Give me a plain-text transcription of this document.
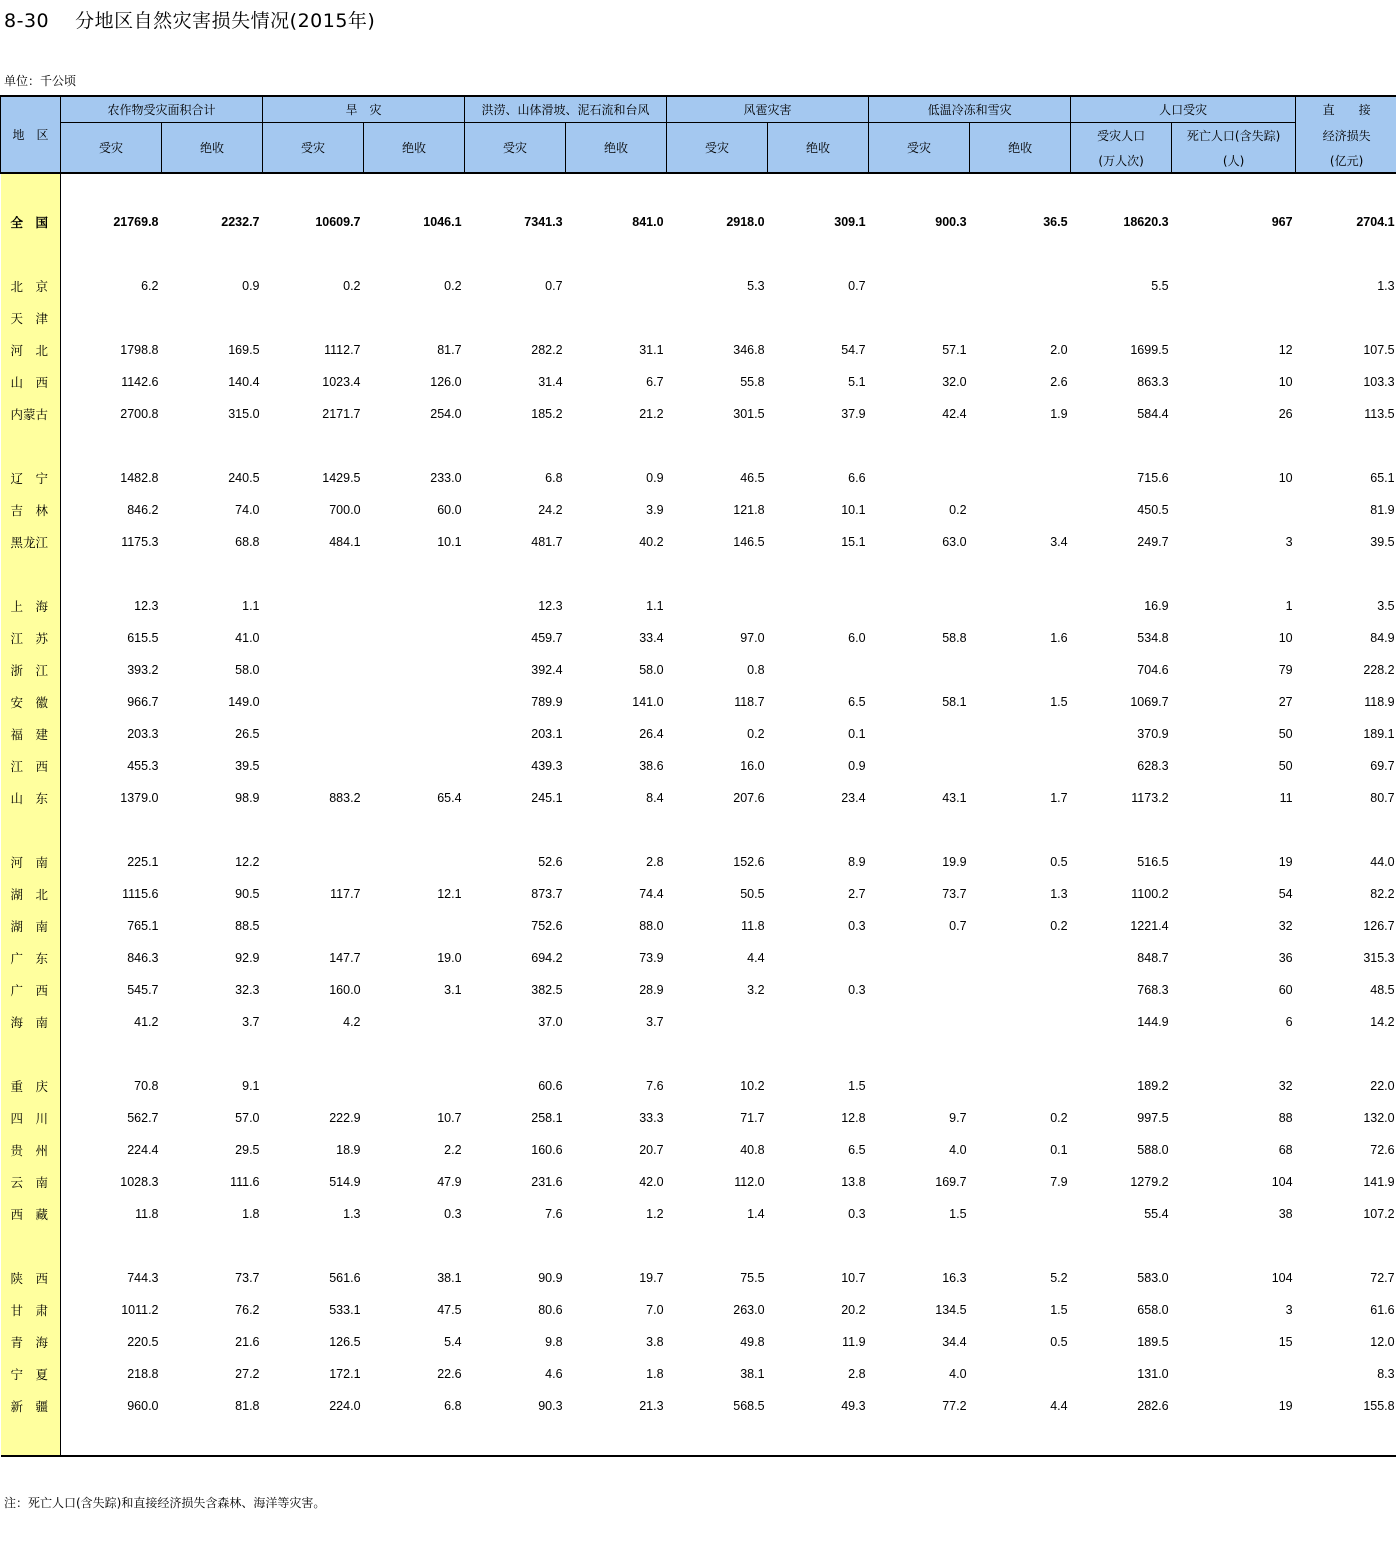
8-30　 分地区自然灾害损失情况(2015年)
单位：千公顷
地　区	农作物受灾面积合计		旱　灾		洪涝、山体滑坡、泥石流和台风		风雹灾害		低温冷冻和雪灾		人口受灾		直　　接
	受灾	绝收	受灾	绝收	受灾	绝收	受灾	绝收	受灾	绝收	受灾人口	死亡人口(含失踪)	经济损失
											(万人次)	(人)	(亿元)

全　国	21769.8	2232.7	10609.7	1046.1	7341.3	841.0	2918.0	309.1	900.3	36.5	18620.3	967	2704.1

北　京	6.2	0.9	0.2	0.2	0.7		5.3	0.7			5.5		1.3
天　津													
河　北	1798.8	169.5	1112.7	81.7	282.2	31.1	346.8	54.7	57.1	2.0	1699.5	12	107.5
山　西	1142.6	140.4	1023.4	126.0	31.4	6.7	55.8	5.1	32.0	2.6	863.3	10	103.3
内蒙古	2700.8	315.0	2171.7	254.0	185.2	21.2	301.5	37.9	42.4	1.9	584.4	26	113.5

辽　宁	1482.8	240.5	1429.5	233.0	6.8	0.9	46.5	6.6			715.6	10	65.1
吉　林	846.2	74.0	700.0	60.0	24.2	3.9	121.8	10.1	0.2		450.5		81.9
黑龙江	1175.3	68.8	484.1	10.1	481.7	40.2	146.5	15.1	63.0	3.4	249.7	3	39.5

上　海	12.3	1.1			12.3	1.1					16.9	1	3.5
江　苏	615.5	41.0			459.7	33.4	97.0	6.0	58.8	1.6	534.8	10	84.9
浙　江	393.2	58.0			392.4	58.0	0.8				704.6	79	228.2
安　徽	966.7	149.0			789.9	141.0	118.7	6.5	58.1	1.5	1069.7	27	118.9
福　建	203.3	26.5			203.1	26.4	0.2	0.1			370.9	50	189.1
江　西	455.3	39.5			439.3	38.6	16.0	0.9			628.3	50	69.7
山　东	1379.0	98.9	883.2	65.4	245.1	8.4	207.6	23.4	43.1	1.7	1173.2	11	80.7

河　南	225.1	12.2			52.6	2.8	152.6	8.9	19.9	0.5	516.5	19	44.0
湖　北	1115.6	90.5	117.7	12.1	873.7	74.4	50.5	2.7	73.7	1.3	1100.2	54	82.2
湖　南	765.1	88.5			752.6	88.0	11.8	0.3	0.7	0.2	1221.4	32	126.7
广　东	846.3	92.9	147.7	19.0	694.2	73.9	4.4				848.7	36	315.3
广　西	545.7	32.3	160.0	3.1	382.5	28.9	3.2	0.3			768.3	60	48.5
海　南	41.2	3.7	4.2		37.0	3.7					144.9	6	14.2

重　庆	70.8	9.1			60.6	7.6	10.2	1.5			189.2	32	22.0
四　川	562.7	57.0	222.9	10.7	258.1	33.3	71.7	12.8	9.7	0.2	997.5	88	132.0
贵　州	224.4	29.5	18.9	2.2	160.6	20.7	40.8	6.5	4.0	0.1	588.0	68	72.6
云　南	1028.3	111.6	514.9	47.9	231.6	42.0	112.0	13.8	169.7	7.9	1279.2	104	141.9
西　藏	11.8	1.8	1.3	0.3	7.6	1.2	1.4	0.3	1.5		55.4	38	107.2

陕　西	744.3	73.7	561.6	38.1	90.9	19.7	75.5	10.7	16.3	5.2	583.0	104	72.7
甘　肃	1011.2	76.2	533.1	47.5	80.6	7.0	263.0	20.2	134.5	1.5	658.0	3	61.6
青　海	220.5	21.6	126.5	5.4	9.8	3.8	49.8	11.9	34.4	0.5	189.5	15	12.0
宁　夏	218.8	27.2	172.1	22.6	4.6	1.8	38.1	2.8	4.0		131.0		8.3
新　疆	960.0	81.8	224.0	6.8	90.3	21.3	568.5	49.3	77.2	4.4	282.6	19	155.8

注：死亡人口(含失踪)和直接经济损失含森林、海洋等灾害。
